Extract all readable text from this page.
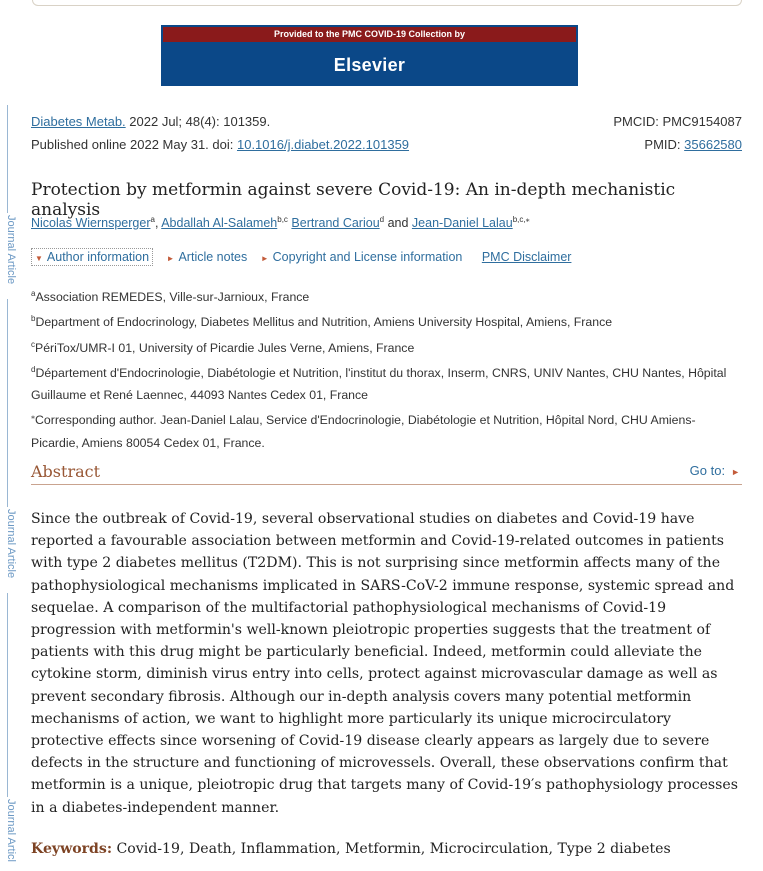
Provided to the PMC COVID-19 Collection by
Elsevier
Journal Article
Journal Article
Journal Articl
Diabetes Metab. 2022 Jul; 48(4): 101359.	PMCID: PMC9154087
Published online 2022 May 31. doi: 10.1016/j.diabet.2022.101359	PMID: 35662580
Protection by metformin against severe Covid-19: An in-depth mechanistic analysis
Nicolas Wiernsperger$^a$, Abdallah Al-Salameh$^{b,c}$ Bertrand Cariou$^d$ and Jean-Daniel Lalau$^{b,c,⁎}$
▼ Author information ► Article notes ► Copyright and License information PMC Disclaimer
$^a$Association REMEDES, Ville-sur-Jarnioux, France
$^b$Department of Endocrinology, Diabetes Mellitus and Nutrition, Amiens University Hospital, Amiens, France
$^c$PériTox/UMR-I 01, University of Picardie Jules Verne, Amiens, France
$^d$Département d'Endocrinologie, Diabétologie et Nutrition, l'institut du thorax, Inserm, CNRS, UNIV Nantes, CHU Nantes, Hôpital Guillaume et René Laennec, 44093 Nantes Cedex 01, France
⁎Corresponding author. Jean-Daniel Lalau, Service d'Endocrinologie, Diabétologie et Nutrition, Hôpital Nord, CHU Amiens-Picardie, Amiens 80054 Cedex 01, France.
Abstract	Go to: ►
Since the outbreak of Covid-19, several observational studies on diabetes and Covid-19 have reported a favourable association between metformin and Covid-19-related outcomes in patients with type 2 diabetes mellitus (T2DM). This is not surprising since metformin affects many of the pathophysiological mechanisms implicated in SARS-CoV-2 immune response, systemic spread and sequelae. A comparison of the multifactorial pathophysiological mechanisms of Covid-19 progression with metformin's well-known pleiotropic properties suggests that the treatment of patients with this drug might be particularly beneficial. Indeed, metformin could alleviate the cytokine storm, diminish virus entry into cells, protect against microvascular damage as well as prevent secondary fibrosis. Although our in-depth analysis covers many potential metformin mechanisms of action, we want to highlight more particularly its unique microcirculatory protective effects since worsening of Covid-19 disease clearly appears as largely due to severe defects in the structure and functioning of microvessels. Overall, these observations confirm that metformin is a unique, pleiotropic drug that targets many of Covid-19′s pathophysiology processes in a diabetes-independent manner.
Keywords: Covid-19, Death, Inflammation, Metformin, Microcirculation, Type 2 diabetes
